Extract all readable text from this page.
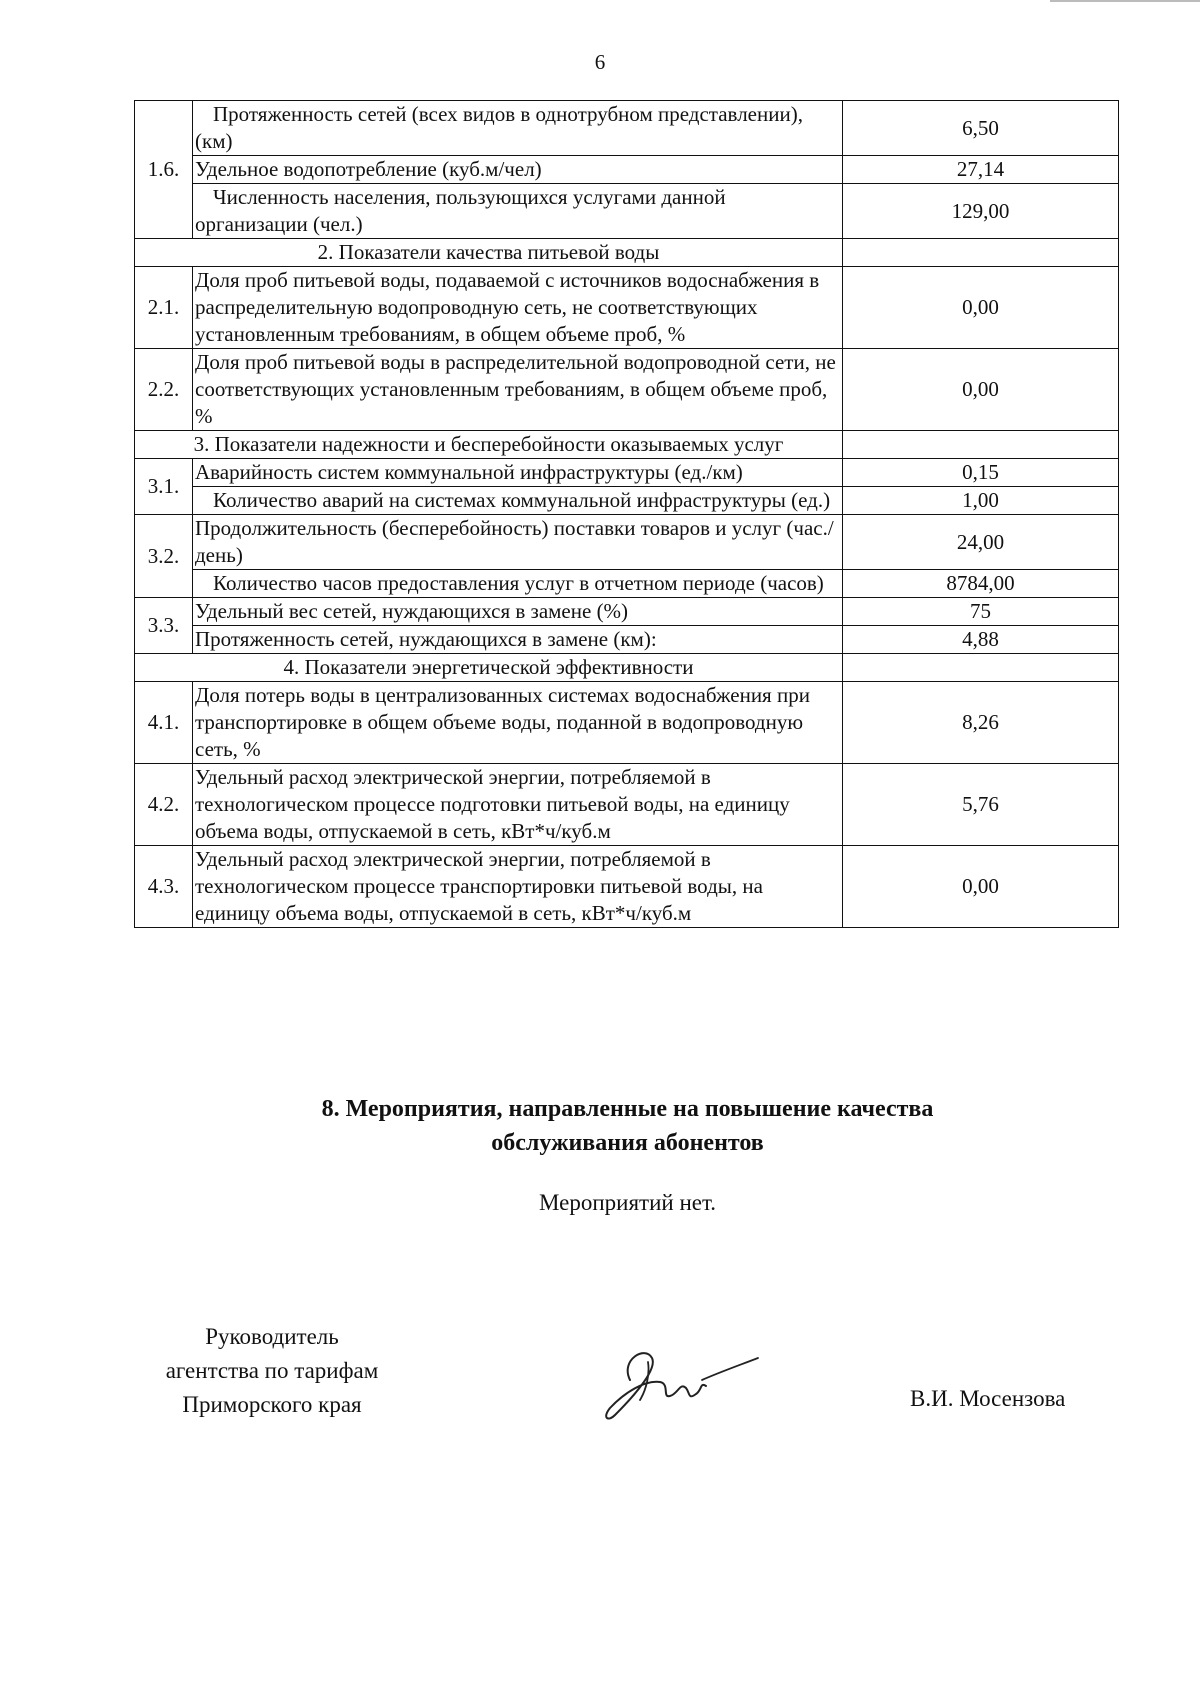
6
1.6.	Протяженность сетей (всех видов в однотрубном представлении), (км)	6,50
	Удельное водопотребление (куб.м/чел)	27,14
	Численность населения, пользующихся услугами данной организации (чел.)	129,00
2. Показатели качества питьевой воды		
2.1.	Доля проб питьевой воды, подаваемой с источников водоснабжения в распределительную водопроводную сеть, не соответствующих установленным требованиям, в общем объеме проб, %	0,00
2.2.	Доля проб питьевой воды в распределительной водопроводной сети, не соответствующих установленным требованиям, в общем объеме проб, %	0,00
3. Показатели надежности и бесперебойности оказываемых услуг		
3.1.	Аварийность систем коммунальной инфраструктуры (ед./км)	0,15
	Количество аварий на системах коммунальной инфраструктуры (ед.)	1,00
3.2.	Продолжительность (бесперебойность) поставки товаров и услуг (час./день)	24,00
	Количество часов предоставления услуг в отчетном периоде (часов)	8784,00
3.3.	Удельный вес сетей, нуждающихся в замене (%)	75
	Протяженность сетей, нуждающихся в замене (км):	4,88
4. Показатели энергетической эффективности		
4.1.	Доля потерь воды в централизованных системах водоснабжения при транспортировке в общем объеме воды, поданной в водопроводную сеть, %	8,26
4.2.	Удельный расход электрической энергии, потребляемой в технологическом процессе подготовки питьевой воды, на единицу объема воды, отпускаемой в сеть, кВт*ч/куб.м	5,76
4.3.	Удельный расход электрической энергии, потребляемой в технологическом процессе транспортировки питьевой воды, на единицу объема воды, отпускаемой в сеть, кВт*ч/куб.м	0,00
8. Мероприятия, направленные на повышение качества
обслуживания абонентов
Мероприятий нет.
Руководитель
агентства по тарифам
Приморского края	В.И. Мосензова
